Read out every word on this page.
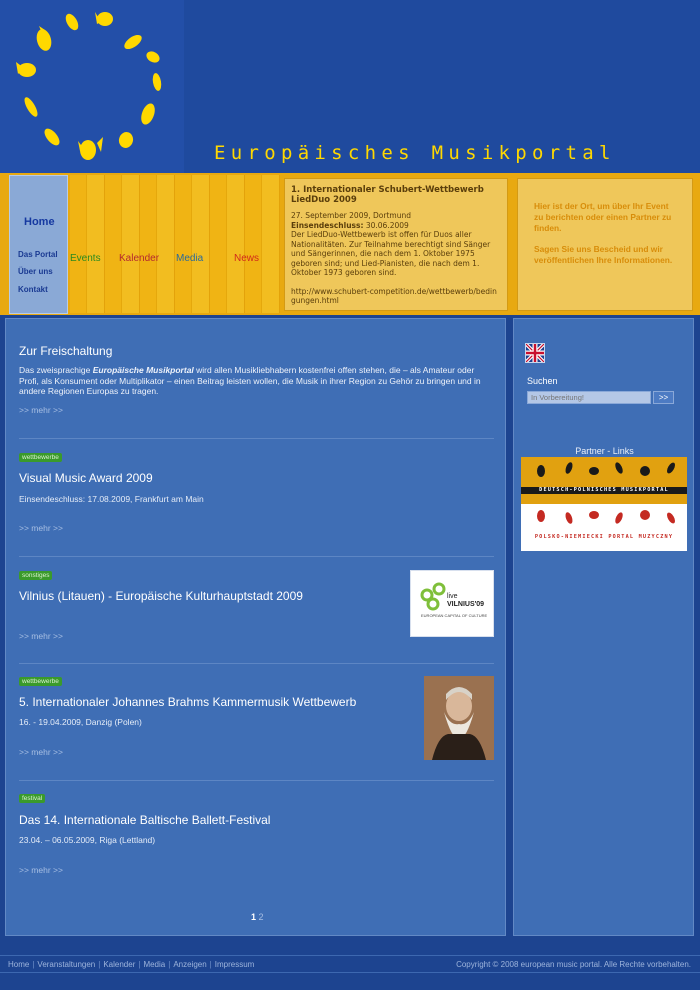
Europäisches Musikportal
Home
Das Portal
Über uns
Kontakt
Events Kalender Media	News
1. Internationaler Schubert-Wettbewerb LiedDuo 2009
27. September 2009, Dortmund
Einsendeschluss: 30.06.2009
Der LiedDuo-Wettbewerb ist offen für Duos aller Nationalitäten. Zur Teilnahme berechtigt sind Sänger und Sängerinnen, die nach dem 1. Oktober 1975 geboren sind; und Lied-Pianisten, die nach dem 1. Oktober 1973 geboren sind.
http://www.schubert-competition.de/wettbewerb/bedingungen.html
Hier ist der Ort, um über Ihr Event zu berichten oder einen Partner zu finden.
Sagen Sie uns Bescheid und wir veröffentlichen Ihre Informationen.
Zur Freischaltung
Das zweisprachige Europäische Musikportal wird allen Musikliebhabern kostenfrei offen stehen, die – als Amateur oder Profi, als Konsument oder Multiplikator – einen Beitrag leisten wollen, die Musik in ihrer Region zu Gehör zu bringen und in andere Regionen Europas zu tragen.
>> mehr >>
wettbewerbe
Visual Music Award 2009
Einsendeschluss: 17.08.2009, Frankfurt am Main
>> mehr >>
sonstiges
Vilnius (Litauen) - Europäische Kulturhauptstadt 2009
>> mehr >>
live
VILNIUS'09
EUROPEAN CAPITAL OF CULTURE
wettbewerbe
5. Internationaler Johannes Brahms Kammermusik Wettbewerb
16. - 19.04.2009, Danzig (Polen)
>> mehr >>
festival
Das 14. Internationale Baltische Ballett-Festival
23.04. – 06.05.2009, Riga (Lettland)
>> mehr >>
1 2
Suchen
In Vorbereitung!
>>
Partner - Links
DEUTSCH-POLNISCHES MUSIKPORTAL
POLSKO-NIEMIECKI PORTAL MUZYCZNY
Home | Veranstaltungen | Kalender | Media | Anzeigen | Impressum	Copyright © 2008 european music portal. Alle Rechte vorbehalten.
